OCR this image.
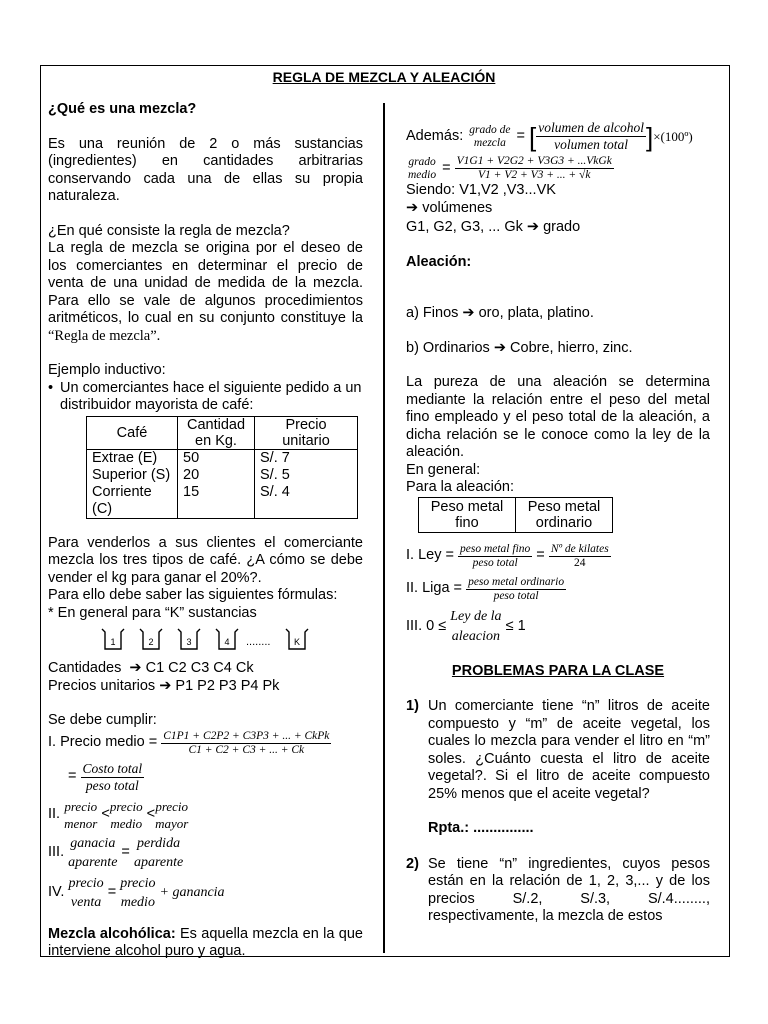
REGLA DE MEZCLA Y ALEACIÓN

¿Qué es una mezcla?

Es una reunión de 2 o más sustancias (ingredientes) en cantidades arbitrarias conservando cada una de ellas su propia naturaleza.

¿En qué consiste la regla de mezcla?

La regla de mezcla se origina por el deseo de los comerciantes en determinar el precio de venta de una unidad de medida de la mezcla. Para ello se vale de algunos procedimientos aritméticos, lo cual en su conjunto constituye la “Regla de mezcla”.

Ejemplo inductivo:

• Un comerciantes hace el siguiente pedido a un distribuidor mayorista de café:
Café	Cantidad en Kg.	Precio unitario
Extrae (E)	50	S/. 7
Superior (S)	20	S/. 5
Corriente (C)	15	S/. 4

Para venderlos a sus clientes el comerciante mezcla los tres tipos de café. ¿A cómo se debe vender el kg para ganar el 20%?.

Para ello debe saber las siguientes fórmulas:

* En general para “K” sustancias

1	2	3	4 ........	K
Cantidades ➔ C1 C2 C3 C4 Ck
Precios unitarios ➔ P1 P2 P3 P4 Pk

Se debe cumplir:

I. Precio medio =
$\frac{\text{C1P1 + C2P2 + C3P3 + ... + CkPk}}{C1 + C2 + C3 + ... + Ck}$
= $\frac{\text{Costo total}}{\text{peso total}}$
II.
precio
menor
< precio
medio
< precio
mayor
III.

ganacia
aparente
=
perdida
aparente
IV.

precio
venta
=
precio
medio

+ ganancia

Mezcla alcohólica: Es aquella mezcla en la que interviene alcohol puro y agua.

Además:
grado de
mezcla = [ $\frac{\text{volumen de alcohol}}{\text{volumen total}}$ ] ×(100º)
grado
medio = $\frac{\text{V1G1 + V2G2 + V3G3 + ...VkGk}}{V1 + V2 + V3 + ... + √k}$

Siendo: V1,V2 ,V3...VK

➔ volúmenes

G1, G2, G3, ... Gk ➔ grado

Aleación:

a) Finos ➔ oro, plata, platino.

b) Ordinarios ➔ Cobre, hierro, zinc.

La pureza de una aleación se determina mediante la relación entre el peso del metal fino empleado y el peso total de la aleación, a dicha relación se le conoce como la ley de la aleación.

En general:

Para la aleación:

Peso metal fino	Peso metal ordinario
I. Ley =
$\frac{\text{peso metal fino}}{\text{peso total}} = \frac{\text{Nº de kilates}}{24}$
II. Liga =
$\frac{\text{peso metal ordinario}}{\text{peso total}}$
III. 0 ≤

Ley de la
aleacion

≤ 1

PROBLEMAS PARA LA CLASE

1) Un comerciante tiene “n” litros de aceite compuesto y “m” de aceite vegetal, los cuales lo mezcla para vender el litro en “m” soles. ¿Cuánto cuesta el litro de aceite vegetal?. Si el litro de aceite compuesto 25% menos que el aceite vegetal?

Rpta.: ...............

2) Se tiene “n” ingredientes, cuyos pesos están en la relación de 1, 2, 3,... y de los precios S/.2, S/.3, S/.4........, respectivamente, la mezcla de estos
